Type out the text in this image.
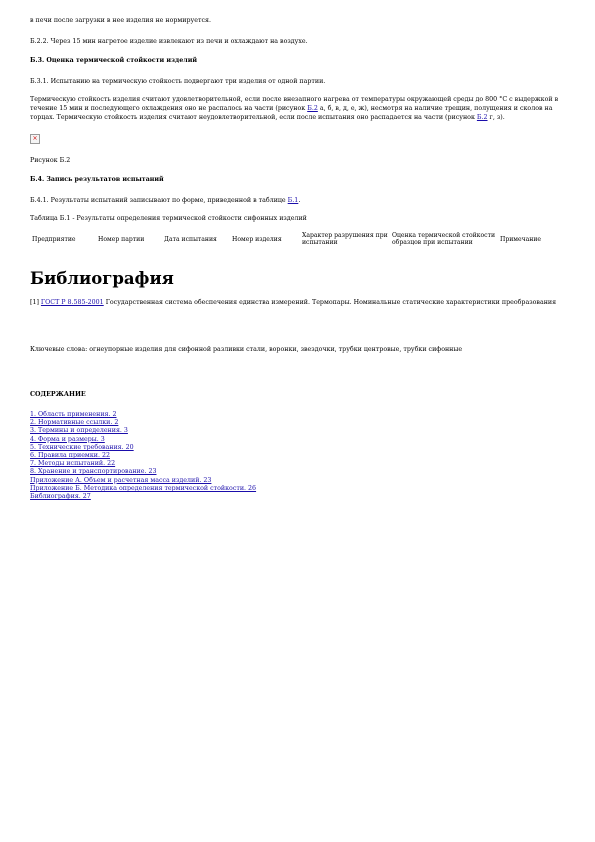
в печи после загрузки в нее изделия не нормируется.

Б.2.2. Через 15 мин нагретое изделие извлекают из печи и охлаждают на воздухе.

Б.3. Оценка термической стойкости изделий

Б.3.1. Испытанию на термическую стойкость подвергают три изделия от одной партии.

Термическую стойкость изделия считают удовлетворительной, если после внезапного нагрева от температуры окружающей среды до 800 °С с выдержкой в течение 15 мин и последующего охлаждения оно не распалось на части (рисунок Б.2 а, б, в, д, е, ж), несмотря на наличие трещин, полущения и сколов на торцах. Термическую стойкость изделия считают неудовлетворительной, если после испытания оно распадается на части (рисунок Б.2 г, з).

×

Рисунок Б.2

Б.4. Запись результатов испытаний

Б.4.1. Результаты испытаний записывают по форме, приведенной в таблице Б.1.

Таблица Б.1 - Результаты определения термической стойкости сифонных изделий

Предприятие	Номер партии	Дата испытания	Номер изделия	Характер разрушения при испытании	Оценка термической стойкости образцов при испытании	Примечание
Библиография

[1] ГОСТ Р 8.585-2001 Государственная система обеспечения единства измерений. Термопары. Номинальные статические характеристики преобразования

Ключевые слова: огнеупорные изделия для сифонной разливки стали, воронки, звездочки, трубки центровые, трубки сифонные

СОДЕРЖАНИЕ

1. Область применения. 2
2. Нормативные ссылки. 2
3. Термины и определения. 3
4. Форма и размеры. 3
5. Технические требования. 20
6. Правила приемки. 22
7. Методы испытаний. 22
8. Хранение и транспортирование. 23
Приложение А. Объем и расчетная масса изделий. 23
Приложение Б. Методика определения термической стойкости. 26
Библиография. 27
